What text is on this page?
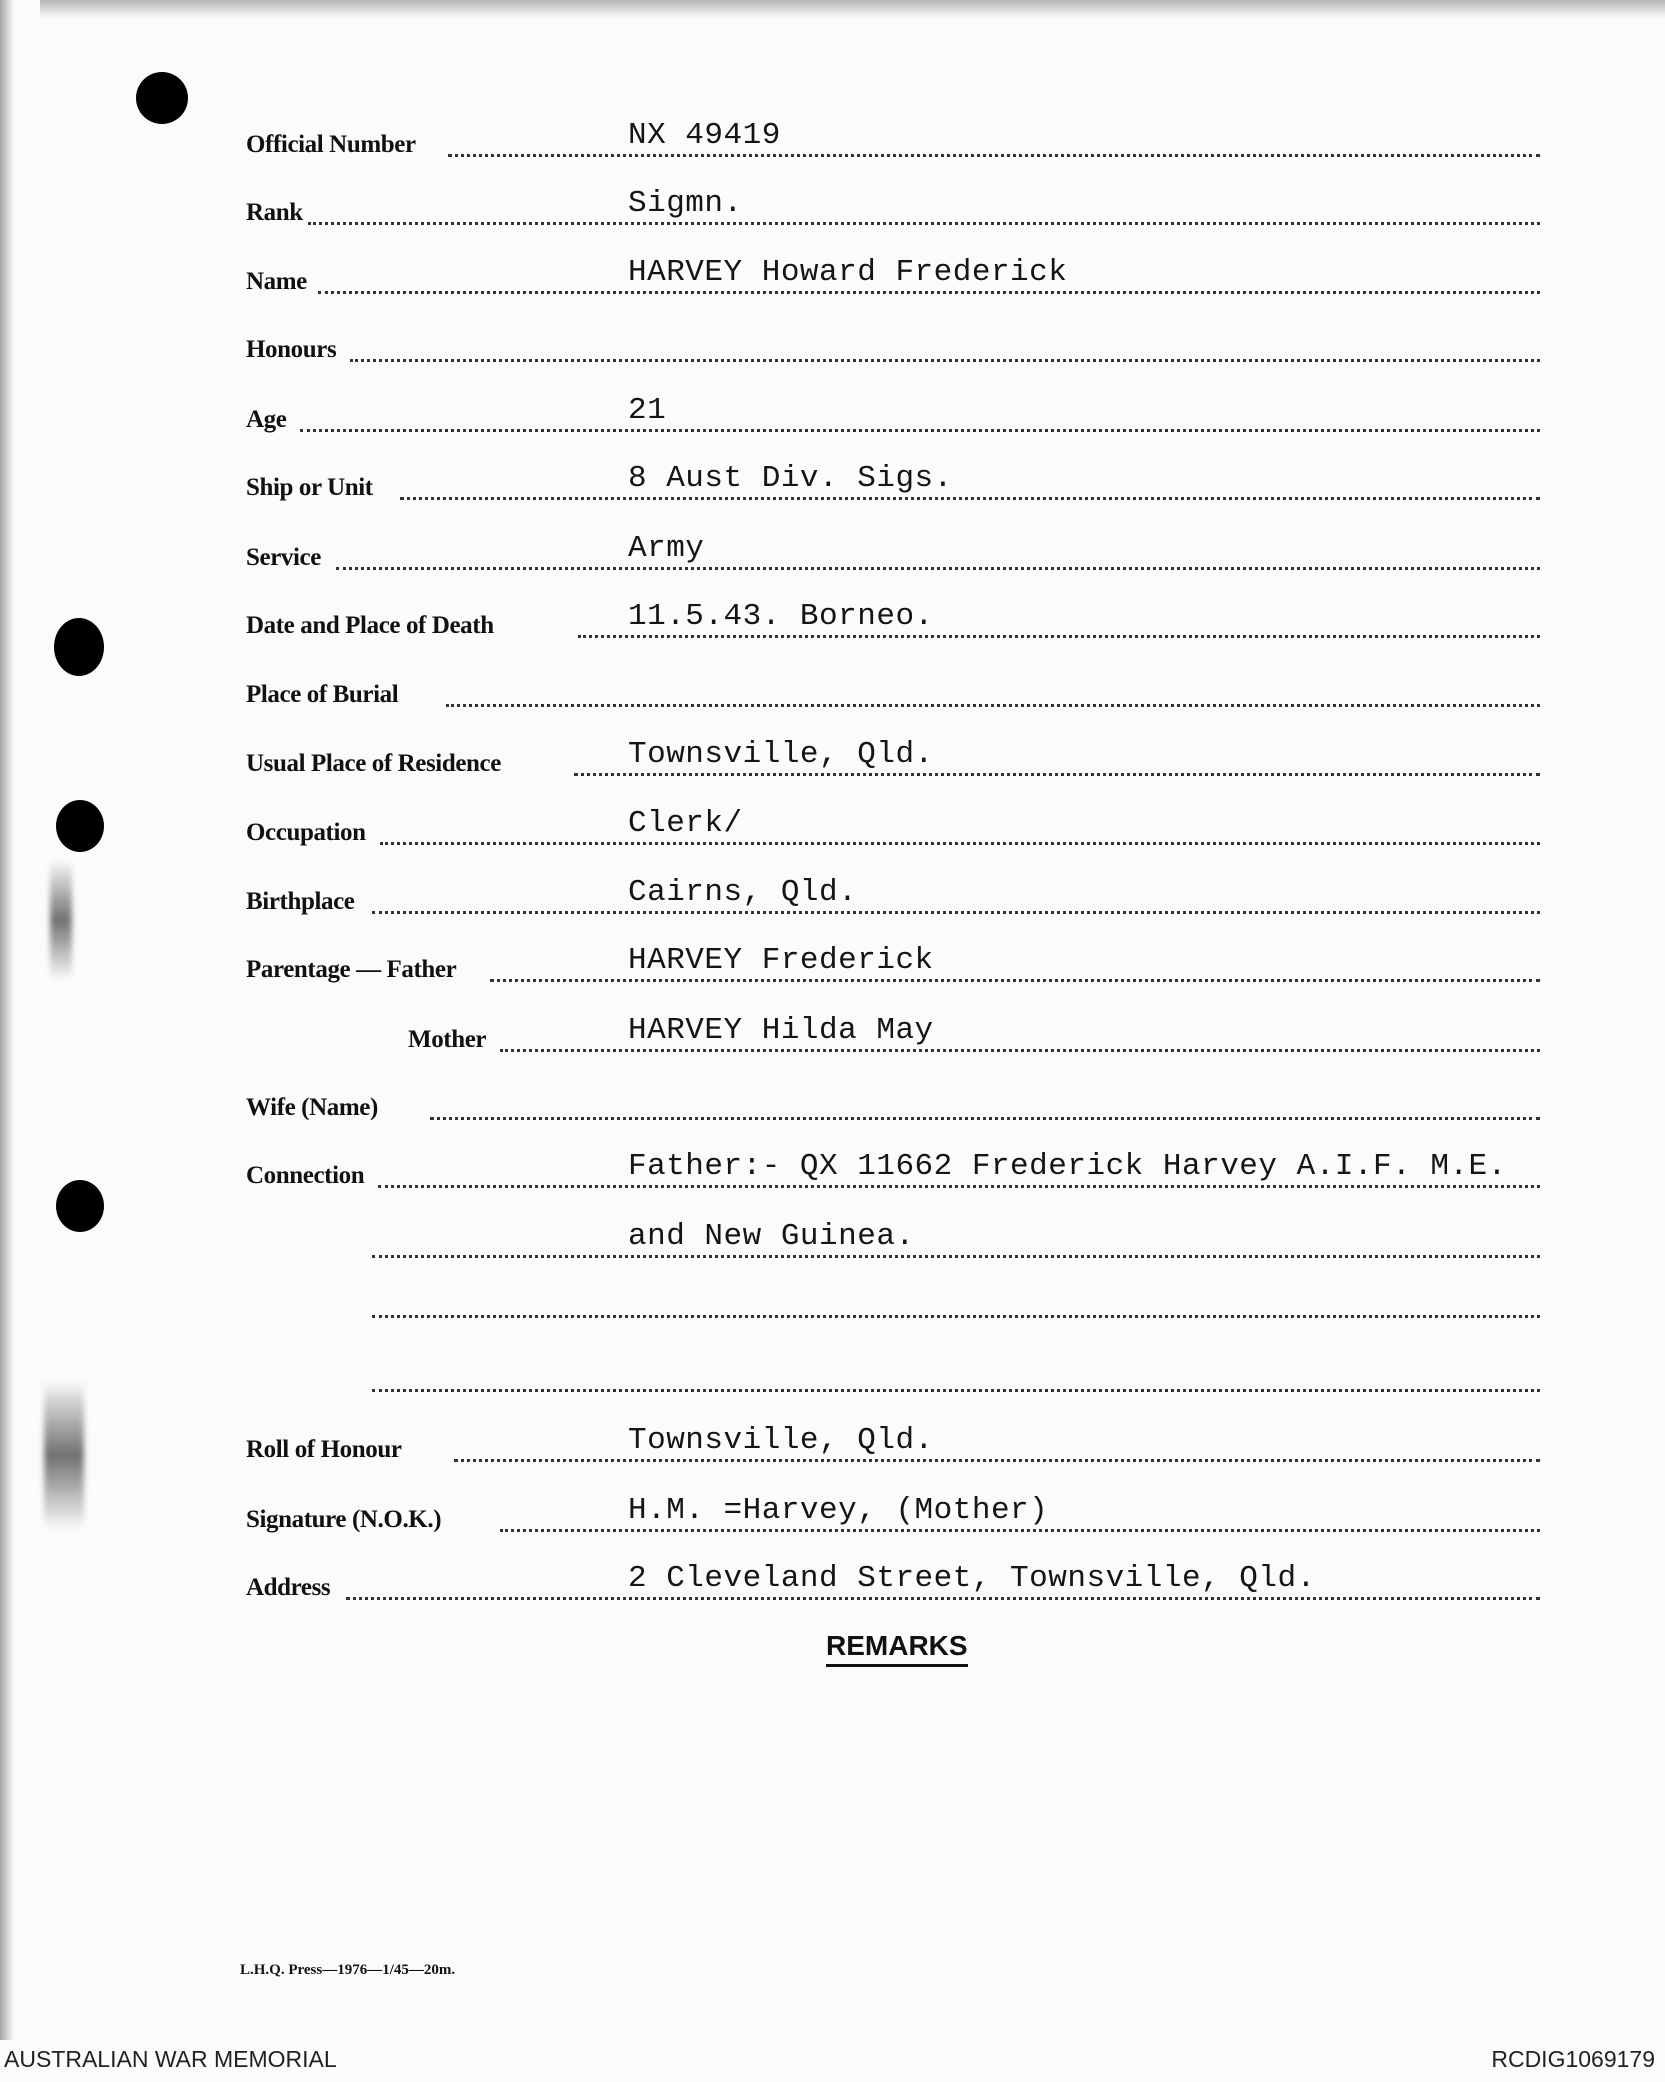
Official Number	NX 49419
Rank	Sigmn.
Name	HARVEY Howard Frederick
Honours
Age	21
Ship or Unit	8 Aust Div. Sigs.
Service	Army
Date and Place of Death	11.5.43. Borneo.
Place of Burial
Usual Place of Residence	Townsville, Qld.
Occupation	Clerk/
Birthplace	Cairns, Qld.
Parentage — Father	HARVEY Frederick
Mother	HARVEY Hilda May
Wife (Name)
Connection	Father:- QX 11662 Frederick Harvey A.I.F. M.E.
and New Guinea.
Roll of Honour	Townsville, Qld.
Signature (N.O.K.)	H.M. =Harvey, (Mother)
Address	2 Cleveland Street, Townsville, Qld.
REMARKS
L.H.Q. Press—1976—1/45—20m.
AUSTRALIAN WAR MEMORIAL	RCDIG1069179
